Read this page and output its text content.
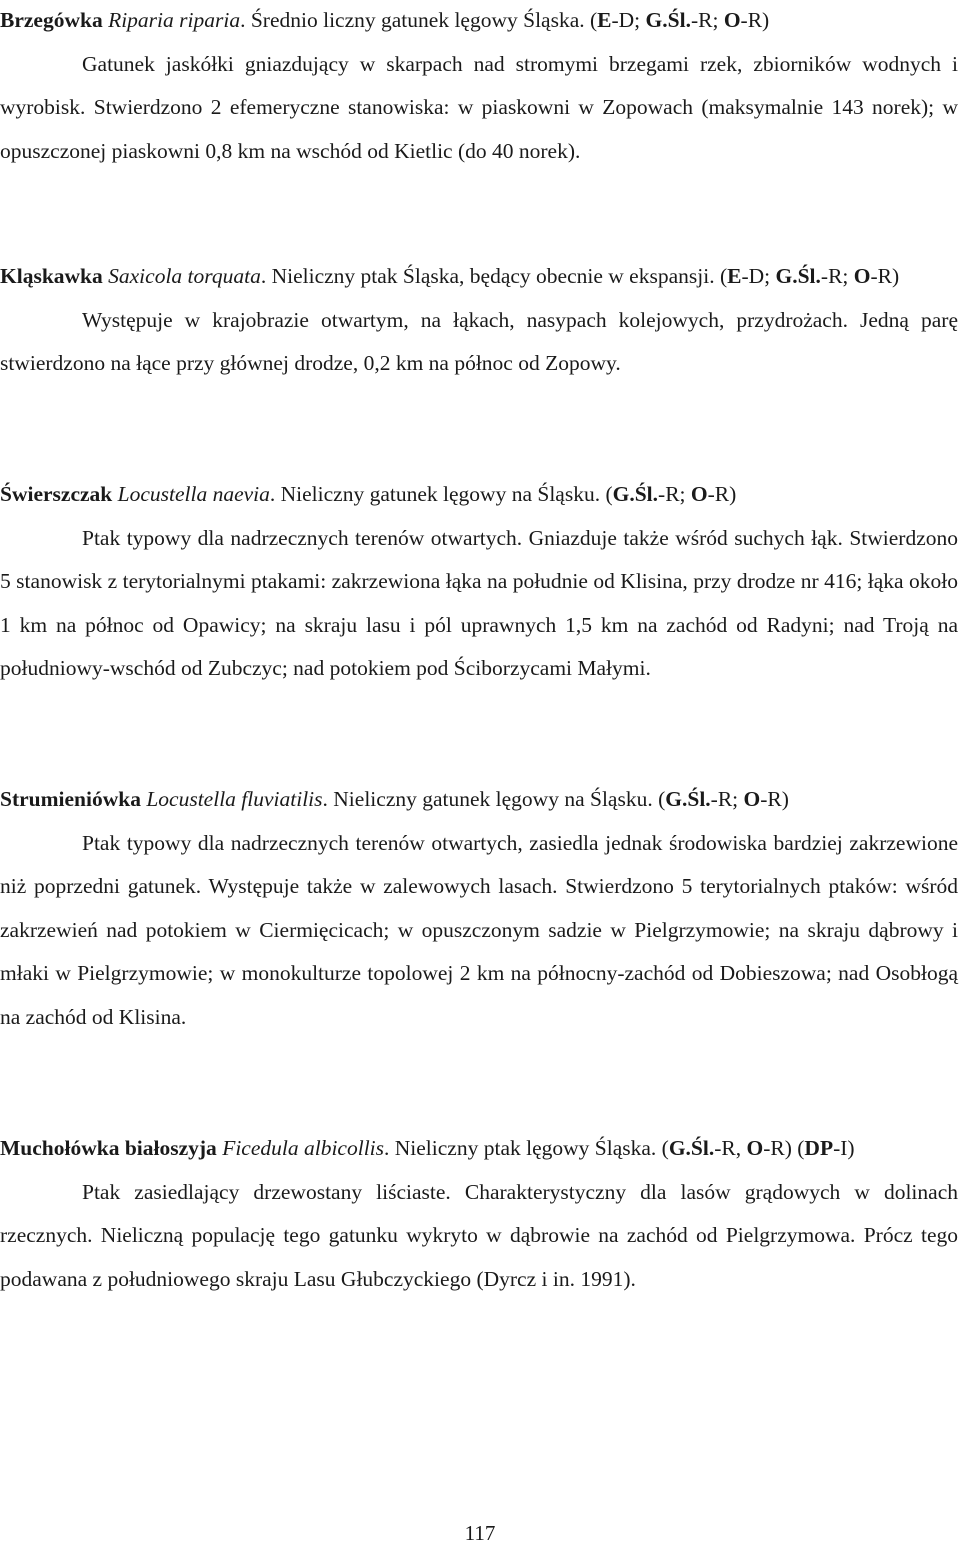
Brzegówka Riparia riparia. Średnio liczny gatunek lęgowy Śląska. (E-D; G.Śl.-R; O-R)

Gatunek jaskółki gniazdujący w skarpach nad stromymi brzegami rzek, zbiorników wodnych i wyrobisk. Stwierdzono 2 efemeryczne stanowiska: w piaskowni w Zopowach (maksymalnie 143 norek); w opuszczonej piaskowni 0,8 km na wschód od Kietlic (do 40 norek).

Kląskawka Saxicola torquata. Nieliczny ptak Śląska, będący obecnie w ekspansji. (E-D; G.Śl.-R; O-R)

Występuje w krajobrazie otwartym, na łąkach, nasypach kolejowych, przydrożach. Jedną parę stwierdzono na łące przy głównej drodze, 0,2 km na północ od Zopowy.

Świerszczak Locustella naevia. Nieliczny gatunek lęgowy na Śląsku. (G.Śl.-R; O-R)

Ptak typowy dla nadrzecznych terenów otwartych. Gniazduje także wśród suchych łąk. Stwierdzono 5 stanowisk z terytorialnymi ptakami: zakrzewiona łąka na południe od Klisina, przy drodze nr 416; łąka około 1 km na północ od Opawicy; na skraju lasu i pól uprawnych 1,5 km na zachód od Radyni; nad Troją na południowy-wschód od Zubczyc; nad potokiem pod Ściborzycami Małymi.

Strumieniówka Locustella fluviatilis. Nieliczny gatunek lęgowy na Śląsku. (G.Śl.-R; O-R)

Ptak typowy dla nadrzecznych terenów otwartych, zasiedla jednak środowiska bardziej zakrzewione niż poprzedni gatunek. Występuje także w zalewowych lasach. Stwierdzono 5 terytorialnych ptaków: wśród zakrzewień nad potokiem w Ciermięcicach; w opuszczonym sadzie w Pielgrzymowie; na skraju dąbrowy i młaki w Pielgrzymowie; w monokulturze topolowej 2 km na północny-zachód od Dobieszowa; nad Osobłogą na zachód od Klisina.

Muchołówka białoszyja Ficedula albicollis. Nieliczny ptak lęgowy Śląska. (G.Śl.-R, O-R) (DP-I)

Ptak zasiedlający drzewostany liściaste. Charakterystyczny dla lasów grądowych w dolinach rzecznych. Nieliczną populację tego gatunku wykryto w dąbrowie na zachód od Pielgrzymowa. Prócz tego podawana z południowego skraju Lasu Głubczyckiego (Dyrcz i in. 1991).

117
